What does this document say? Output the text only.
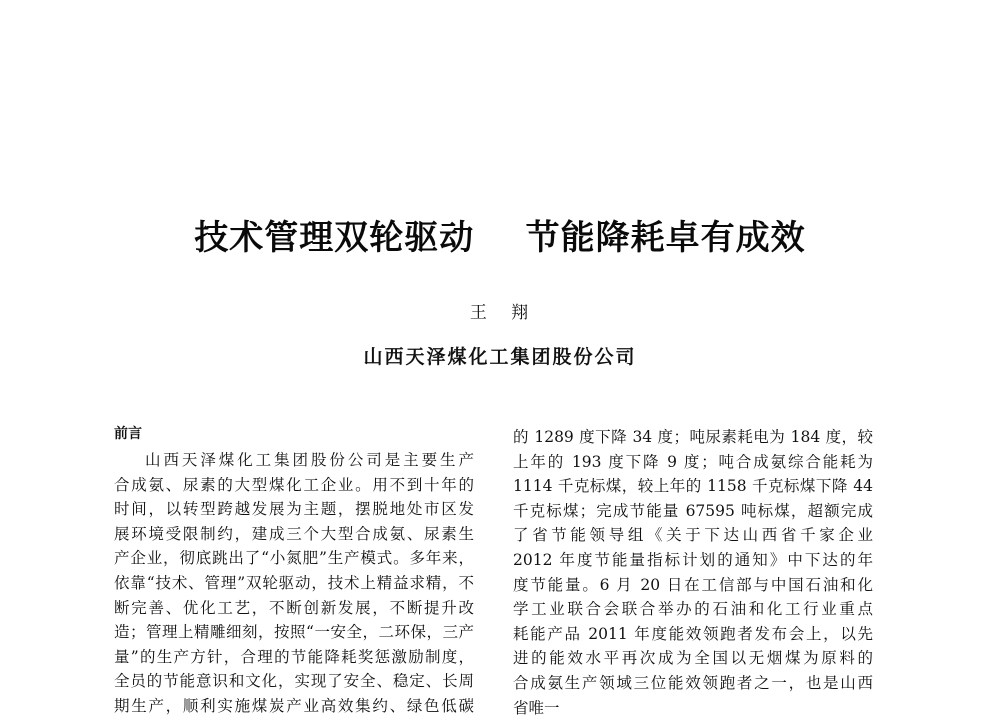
技术管理双轮驱动    节能降耗卓有成效
王   翔
山西天泽煤化工集团股份公司
前言
山西天泽煤化工集团股份公司是主要生产
合成氨、尿素的大型煤化工企业。用不到十年的
时间，以转型跨越发展为主题，摆脱地处市区发
展环境受限制约，建成三个大型合成氨、尿素生
产企业，彻底跳出了“小氮肥”生产模式。多年来，
依靠“技术、管理”双轮驱动，技术上精益求精，不
断完善、优化工艺，不断创新发展，不断提升改
造；管理上精雕细刻，按照“一安全，二环保，三产
量”的生产方针，合理的节能降耗奖惩激励制度，
全员的节能意识和文化，实现了安全、稳定、长周
期生产，顺利实施煤炭产业高效集约、绿色低碳
的 1289 度下降 34 度；吨尿素耗电为 184 度，较
上年的 193 度下降 9 度；吨合成氨综合能耗为
1114 千克标煤，较上年的 1158 千克标煤下降 44
千克标煤；完成节能量 67595 吨标煤，超额完成
了省节能领导组《关于下达山西省千家企业
2012 年度节能量指标计划的通知》中下达的年
度节能量。6 月 20 日在工信部与中国石油和化
学工业联合会联合举办的石油和化工行业重点
耗能产品 2011 年度能效领跑者发布会上，以先
进的能效水平再次成为全国以无烟煤为原料的
合成氨生产领域三位能效领跑者之一，也是山西
省唯一
